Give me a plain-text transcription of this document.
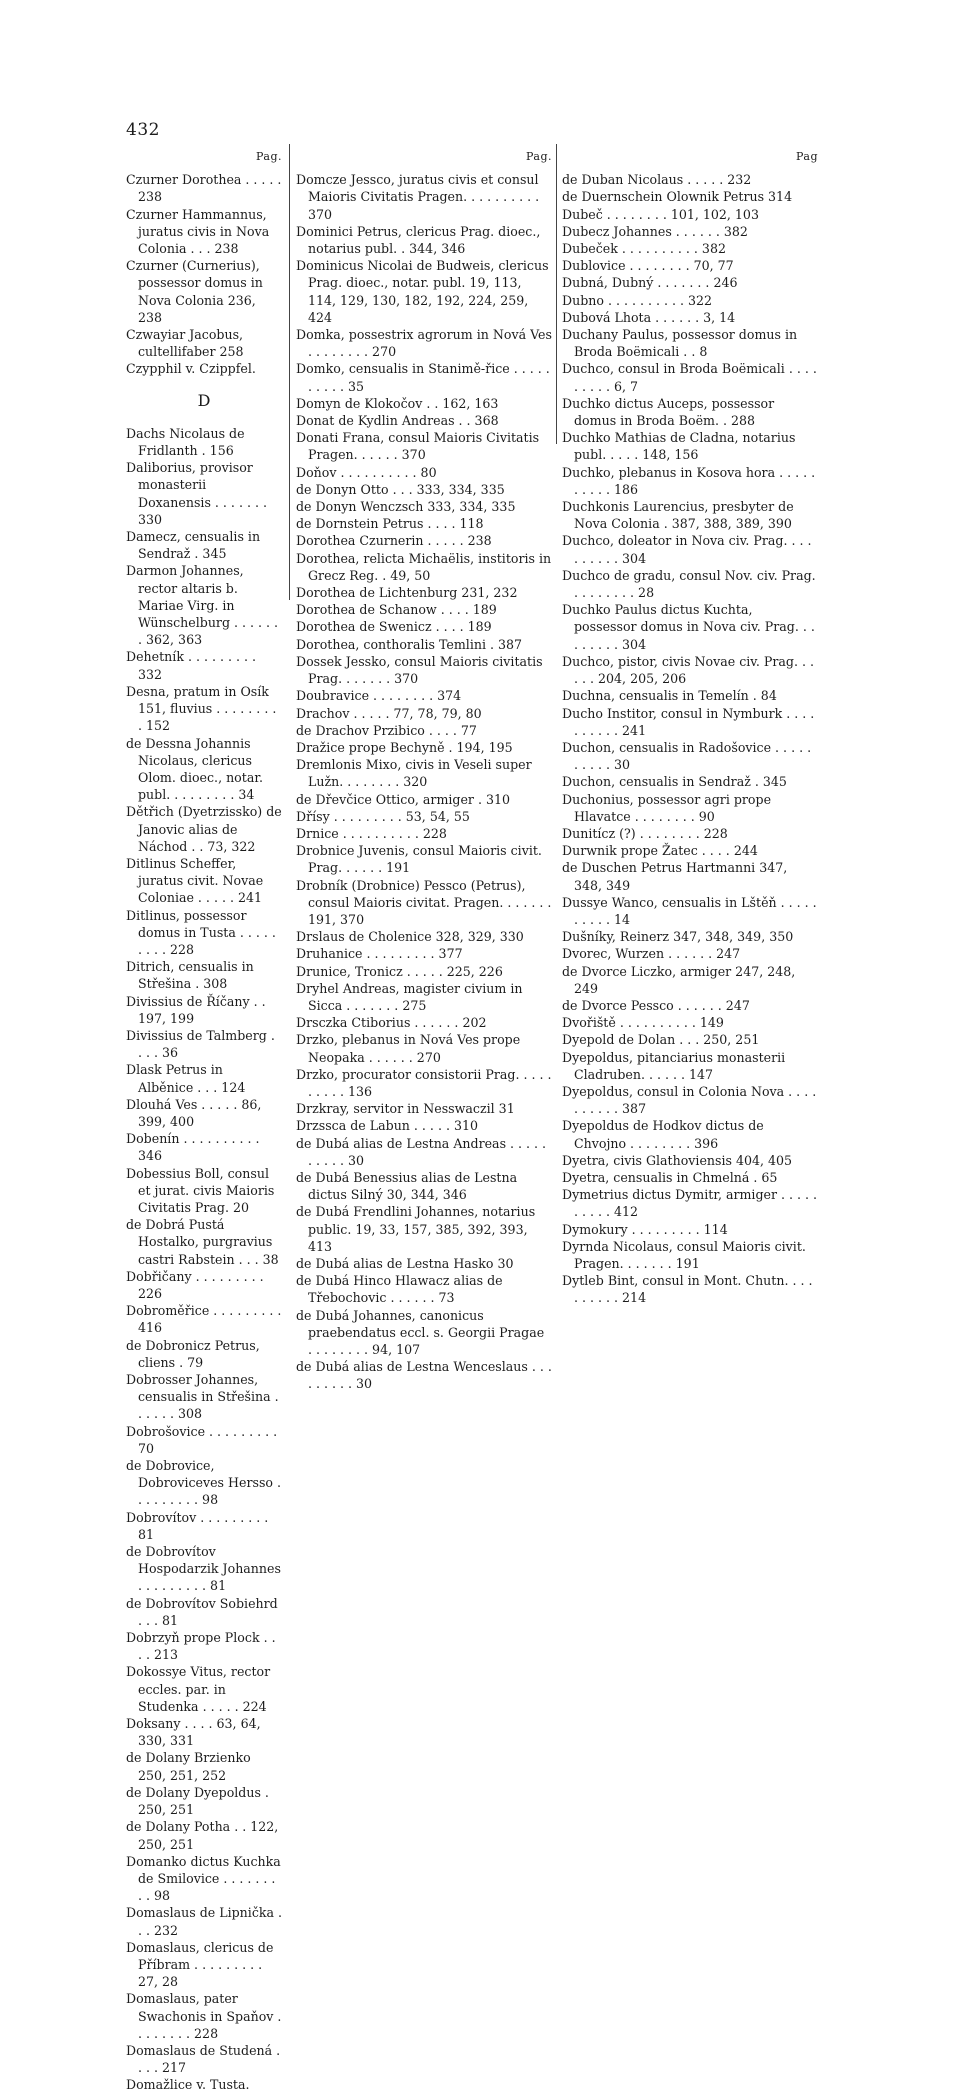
432
Pag.

Czurner Dorothea . . . . . 238

Czurner Hammannus, juratus civis in Nova Colonia . . . 238

Czurner (Curnerius), possessor domus in Nova Colonia 236, 238

Czwayiar Jacobus, cultellifaber 258

Czypphil v. Czippfel.

D

Dachs Nicolaus de Fridlanth . 156

Daliborius, provisor monasterii Doxanensis . . . . . . . 330

Damecz, censualis in Sendraž . 345

Darmon Johannes, rector altaris b. Mariae Virg. in Wünschelburg . . . . . . . 362, 363

Dehetník . . . . . . . . . 332

Desna, pratum in Osík 151, fluvius . . . . . . . . . 152

de Dessna Johannis Nicolaus, clericus Olom. dioec., notar. publ. . . . . . . . . 34

Dětřich (Dyetrzissko) de Janovic alias de Náchod . . 73, 322

Ditlinus Scheffer, juratus civit. Novae Coloniae . . . . . 241

Ditlinus, possessor domus in Tusta . . . . . . . . . 228

Ditrich, censualis in Střešina . 308

Divissius de Říčany . . 197, 199

Divissius de Talmberg . . . . 36

Dlask Petrus in Alběnice . . . 124

Dlouhá Ves . . . . . 86, 399, 400

Dobenín . . . . . . . . . . 346

Dobessius Boll, consul et jurat. civis Maioris Civitatis Prag. 20

de Dobrá Pustá Hostalko, purgravius castri Rabstein . . . 38

Dobřičany . . . . . . . . . 226

Dobroměřice . . . . . . . . . 416

de Dobronicz Petrus, cliens . 79

Dobrosser Johannes, censualis in Střešina . . . . . . 308

Dobrošovice . . . . . . . . . 70

de Dobrovice, Dobroviceves Hersso . . . . . . . . . 98

Dobrovítov . . . . . . . . . 81

de Dobrovítov Hospodarzik Johannes . . . . . . . . . 81

de Dobrovítov Sobiehrd . . . 81

Dobrzyň prope Plock . . . . 213

Dokossye Vitus, rector eccles. par. in Studenka . . . . . 224

Doksany . . . . 63, 64, 330, 331

de Dolany Brzienko 250, 251, 252

de Dolany Dyepoldus . 250, 251

de Dolany Potha . . 122, 250, 251

Domanko dictus Kuchka de Smilovice . . . . . . . . . 98

Domaslaus de Lipnička . . . 232

Domaslaus, clericus de Příbram . . . . . . . . . 27, 28

Domaslaus, pater Swachonis in Spaňov . . . . . . . . 228

Domaslaus de Studená . . . . 217

Domažlice v. Tusta.

Pag.

Domcze Jessco, juratus civis et consul Maioris Civitatis Pragen. . . . . . . . . . 370

Dominici Petrus, clericus Prag. dioec., notarius publ. . 344, 346

Dominicus Nicolai de Budweis, clericus Prag. dioec., notar. publ. 19, 113, 114, 129, 130, 182, 192, 224, 259, 424

Domka, possestrix agrorum in Nová Ves . . . . . . . . 270

Domko, censualis in Stanimě-řice . . . . . . . . . . 35

Domyn de Klokočov . . 162, 163

Donat de Kydlin Andreas . . 368

Donati Frana, consul Maioris Civitatis Pragen. . . . . . 370

Doňov . . . . . . . . . . 80

de Donyn Otto . . . 333, 334, 335

de Donyn Wenczsch 333, 334, 335

de Dornstein Petrus . . . . 118

Dorothea Czurnerin . . . . . 238

Dorothea, relicta Michaëlis, institoris in Grecz Reg. . 49, 50

Dorothea de Lichtenburg 231, 232

Dorothea de Schanow . . . . 189

Dorothea de Swenicz . . . . 189

Dorothea, conthoralis Temlini . 387

Dossek Jessko, consul Maioris civitatis Prag. . . . . . . 370

Doubravice . . . . . . . . 374

Drachov . . . . . 77, 78, 79, 80

de Drachov Przibico . . . . 77

Dražice prope Bechyně . 194, 195

Dremlonis Mixo, civis in Veseli super Lužn. . . . . . . . 320

de Dřevčice Ottico, armiger . 310

Dřísy . . . . . . . . . 53, 54, 55

Drnice . . . . . . . . . . 228

Drobnice Juvenis, consul Maioris civit. Prag. . . . . . 191

Drobník (Drobnice) Pessco (Petrus), consul Maioris civitat. Pragen. . . . . . . 191, 370

Drslaus de Cholenice 328, 329, 330

Druhanice . . . . . . . . . 377

Drunice, Tronicz . . . . . 225, 226

Dryhel Andreas, magister civium in Sicca . . . . . . . 275

Drsczka Ctiborius . . . . . . 202

Drzko, plebanus in Nová Ves prope Neopaka . . . . . . 270

Drzko, procurator consistorii Prag. . . . . . . . . . 136

Drzkray, servitor in Nesswaczil 31

Drzssca de Labun . . . . . 310

de Dubá alias de Lestna Andreas . . . . . . . . . . 30

de Dubá Benessius alias de Lestna dictus Silný 30, 344, 346

de Dubá Frendlini Johannes, notarius public. 19, 33, 157, 385, 392, 393, 413

de Dubá alias de Lestna Hasko 30

de Dubá Hinco Hlawacz alias de Třebochovic . . . . . . 73

de Dubá Johannes, canonicus praebendatus eccl. s. Georgii Pragae . . . . . . . . 94, 107

de Dubá alias de Lestna Wenceslaus . . . . . . . . . 30

Pag

de Duban Nicolaus . . . . . 232

de Duernschein Olownik Petrus 314

Dubeč . . . . . . . . 101, 102, 103

Dubecz Johannes . . . . . . 382

Dubeček . . . . . . . . . . 382

Dublovice . . . . . . . . 70, 77

Dubná, Dubný . . . . . . . 246

Dubno . . . . . . . . . . 322

Dubová Lhota . . . . . . 3, 14

Duchany Paulus, possessor domus in Broda Boëmicali . . 8

Duchco, consul in Broda Boëmicali . . . . . . . . . 6, 7

Duchko dictus Auceps, possessor domus in Broda Boëm. . 288

Duchko Mathias de Cladna, notarius publ. . . . . 148, 156

Duchko, plebanus in Kosova hora . . . . . . . . . . 186

Duchkonis Laurencius, presbyter de Nova Colonia . 387, 388, 389, 390

Duchco, doleator in Nova civ. Prag. . . . . . . . . . 304

Duchco de gradu, consul Nov. civ. Prag. . . . . . . . . 28

Duchko Paulus dictus Kuchta, possessor domus in Nova civ. Prag. . . . . . . . . 304

Duchco, pistor, civis Novae civ. Prag. . . . . . 204, 205, 206

Duchna, censualis in Temelín . 84

Ducho Institor, consul in Nymburk . . . . . . . . . . 241

Duchon, censualis in Radošovice . . . . . . . . . . 30

Duchon, censualis in Sendraž . 345

Duchonius, possessor agri prope Hlavatce . . . . . . . . 90

Dunitícz (?) . . . . . . . . 228

Durwnik prope Žatec . . . . 244

de Duschen Petrus Hartmanni 347, 348, 349

Dussye Wanco, censualis in Lštěň . . . . . . . . . . 14

Dušníky, Reinerz 347, 348, 349, 350

Dvorec, Wurzen . . . . . . 247

de Dvorce Liczko, armiger 247, 248, 249

de Dvorce Pessco . . . . . . 247

Dvořiště . . . . . . . . . . 149

Dyepold de Dolan . . . 250, 251

Dyepoldus, pitanciarius monasterii Cladruben. . . . . . 147

Dyepoldus, consul in Colonia Nova . . . . . . . . . . 387

Dyepoldus de Hodkov dictus de Chvojno . . . . . . . . 396

Dyetra, civis Glathoviensis 404, 405

Dyetra, censualis in Chmelná . 65

Dymetrius dictus Dymitr, armiger . . . . . . . . . . 412

Dymokury . . . . . . . . . 114

Dyrnda Nicolaus, consul Maioris civit. Pragen. . . . . . . 191

Dytleb Bint, consul in Mont. Chutn. . . . . . . . . . 214
